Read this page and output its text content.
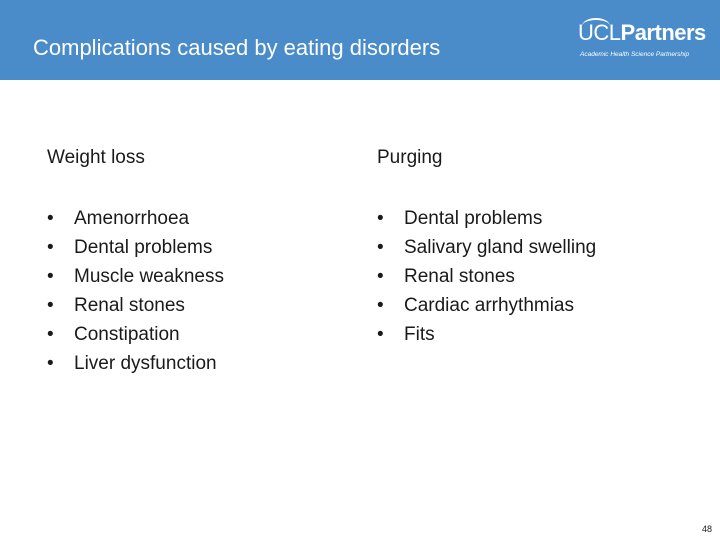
Complications caused by eating disorders
UCLPartners
Academic Health Science Partnership

Weight loss

• Amenorrhoea
• Dental problems
• Muscle weakness
• Renal stones
• Constipation
• Liver dysfunction

Purging

• Dental problems
• Salivary gland swelling
• Renal stones
• Cardiac arrhythmias
• Fits
48
